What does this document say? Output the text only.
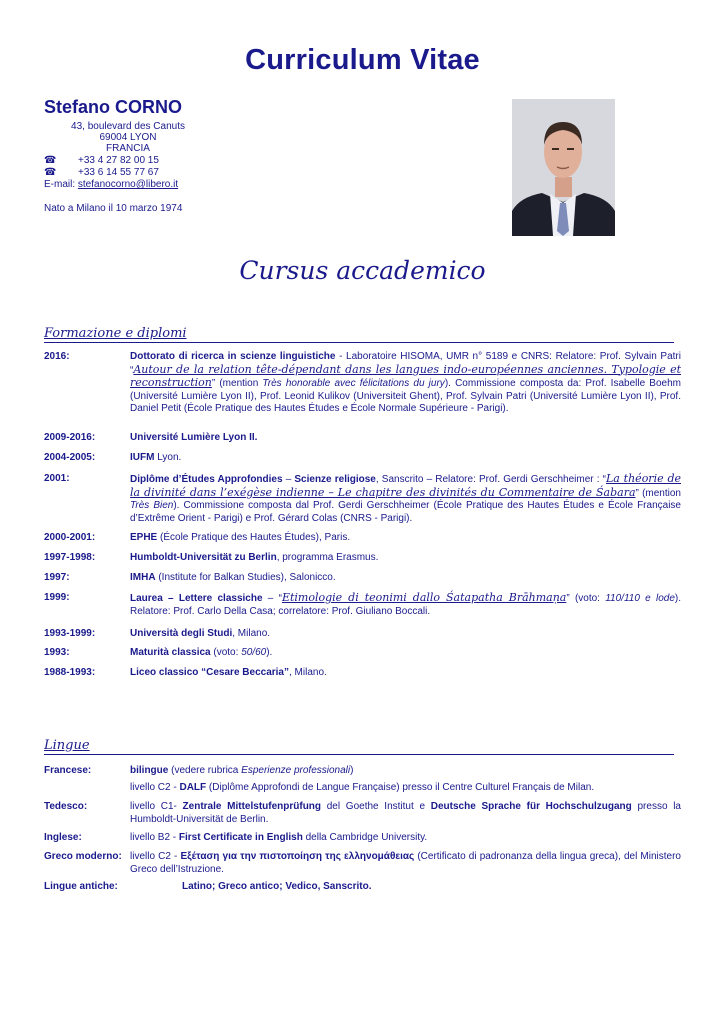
Curriculum Vitae
Stefano CORNO
43, boulevard des Canuts
69004 LYON
FRANCIA
☎ +33 4 27 82 00 15
☎ +33 6 14 55 77 67
E-mail: stefanocorno@libero.it
Nato a Milano il 10 marzo 1974
Cursus accademico
Formazione e diplomi
2016:	Dottorato di ricerca in scienze linguistiche - Laboratoire HISOMA, UMR n° 5189 e CNRS: Relatore: Prof. Sylvain Patri “Autour de la relation tête-dépendant dans les langues indo-européennes anciennes. Typologie et reconstruction” (mention Très honorable avec félicitations du jury). Commissione composta da: Prof. Isabelle Boehm (Université Lumière Lyon II), Prof. Leonid Kulikov (Universiteit Ghent), Prof. Sylvain Patri (Université Lumière Lyon II), Prof. Daniel Petit (École Pratique des Hautes Études e École Normale Supérieure - Parigi).
2009-2016:	Université Lumière Lyon II.
2004-2005:	IUFM Lyon.
2001:	Diplôme d’Études Approfondies – Scienze religiose, Sanscrito – Relatore: Prof. Gerdi Gerschheimer : “La théorie de la divinité dans l’exégèse indienne – Le chapitre des divinités du Commentaire de Śabara” (mention Très Bien). Commissione composta dal Prof. Gerdi Gerschheimer (École Pratique des Hautes Études e École Française d’Extrême Orient - Parigi) e Prof. Gérard Colas (CNRS - Parigi).
2000-2001:	EPHE (École Pratique des Hautes Études), Paris.
1997-1998:	Humboldt-Universität zu Berlin, programma Erasmus.
1997:	IMHA (Institute for Balkan Studies), Salonicco.
1999:	Laurea – Lettere classiche – “Etimologie di teonimi dallo Śatapatha Brāhmaṇa” (voto: 110/110 e lode). Relatore: Prof. Carlo Della Casa; correlatore: Prof. Giuliano Boccali.
1993-1999:	Università degli Studi, Milano.
1993:	Maturità classica (voto: 50/60).
1988-1993:	Liceo classico “Cesare Beccaria”, Milano.
Lingue
Francese:	bilingue (vedere rubrica Esperienze professionali)
livello C2 - DALF (Diplôme Approfondi de Langue Française) presso il Centre Culturel Français de Milan.
Tedesco:	livello C1- Zentrale Mittelstufenprüfung del Goethe Institut e Deutsche Sprache für Hochschulzugang presso la Humboldt-Universität de Berlin.
Inglese:	livello B2 - First Certificate in English della Cambridge University.
Greco moderno: livello C2 - Εξέταση για την πιστοποίηση της ελληνομάθειας (Certificato di padronanza della lingua greca), del Ministero Greco dell’Istruzione.
Lingue antiche:	Latino; Greco antico; Vedico, Sanscrito.
